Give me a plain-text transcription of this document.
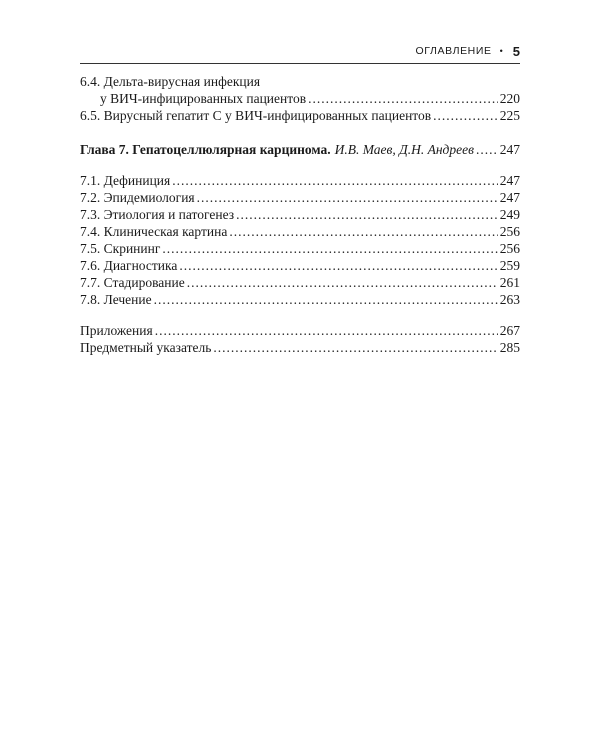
ОГЛАВЛЕНИЕ • 5
6.4. Дельта-вирусная инфекция
у ВИЧ-инфицированных пациентов .....	220
6.5. Вирусный гепатит С у ВИЧ-инфицированных пациентов .....	225
Глава 7. Гепатоцеллюлярная карцинома. И.В. Маев, Д.Н. Андреев ..... 247
7.1. Дефиниция .....	247
7.2. Эпидемиология .....	247
7.3. Этиология и патогенез .....	249
7.4. Клиническая картина .....	256
7.5. Скрининг .....	256
7.6. Диагностика .....	259
7.7. Стадирование .....	261
7.8. Лечение .....	263
Приложения .....	267
Предметный указатель .....	285
